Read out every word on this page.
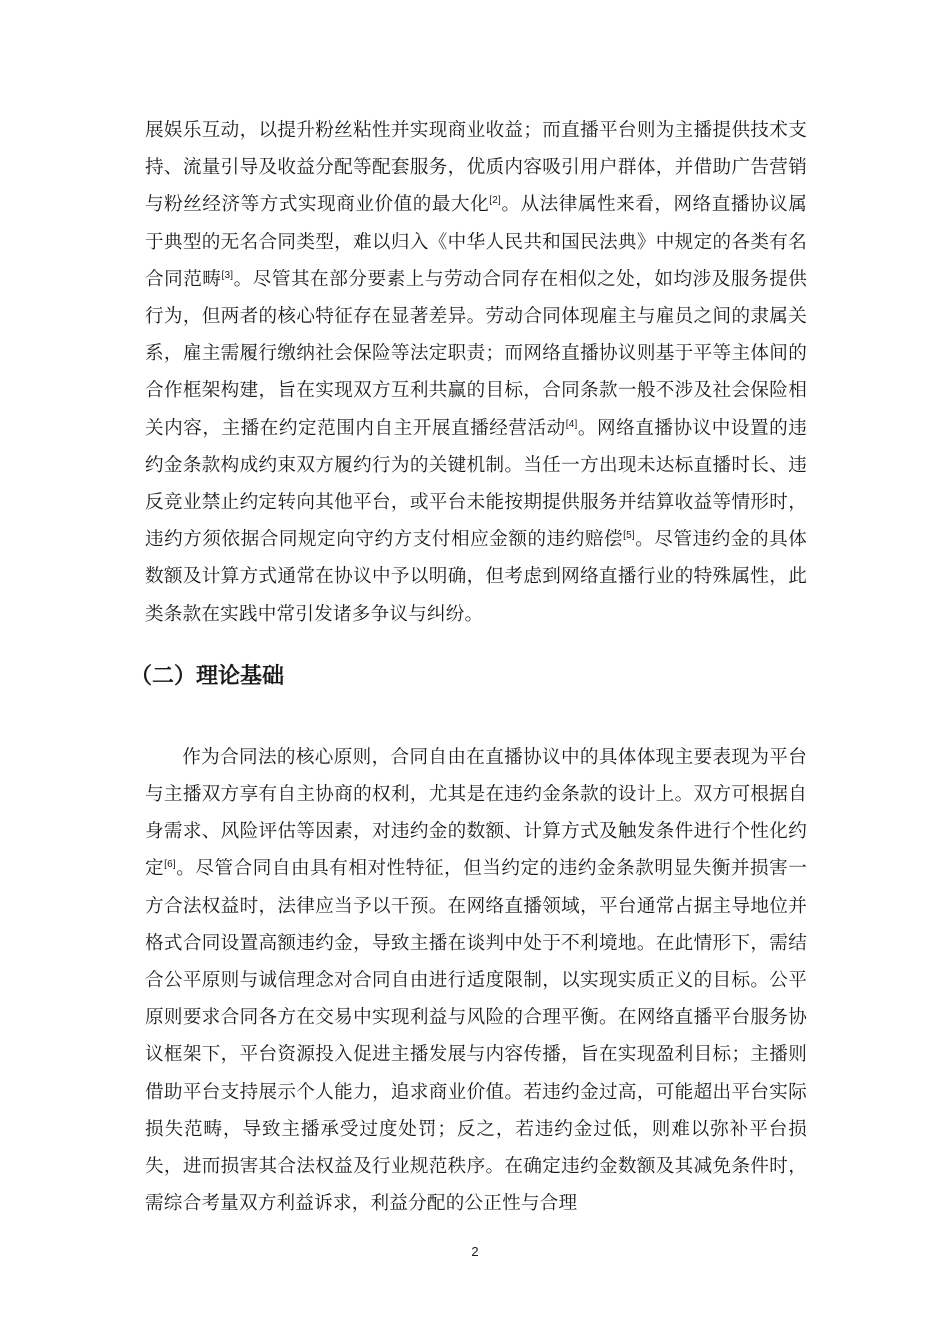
展娱乐互动，以提升粉丝粘性并实现商业收益；而直播平台则为主播提供技术支持、流量引导及收益分配等配套服务，优质内容吸引用户群体，并借助广告营销与粉丝经济等方式实现商业价值的最大化[2]。从法律属性来看，网络直播协议属于典型的无名合同类型，难以归入《中华人民共和国民法典》中规定的各类有名合同范畴[3]。尽管其在部分要素上与劳动合同存在相似之处，如均涉及服务提供行为，但两者的核心特征存在显著差异。劳动合同体现雇主与雇员之间的隶属关系，雇主需履行缴纳社会保险等法定职责；而网络直播协议则基于平等主体间的合作框架构建，旨在实现双方互利共赢的目标，合同条款一般不涉及社会保险相关内容，主播在约定范围内自主开展直播经营活动[4]。网络直播协议中设置的违约金条款构成约束双方履约行为的关键机制。当任一方出现未达标直播时长、违反竞业禁止约定转向其他平台，或平台未能按期提供服务并结算收益等情形时，违约方须依据合同规定向守约方支付相应金额的违约赔偿[5]。尽管违约金的具体数额及计算方式通常在协议中予以明确，但考虑到网络直播行业的特殊属性，此类条款在实践中常引发诸多争议与纠纷。

（二）理论基础

作为合同法的核心原则，合同自由在直播协议中的具体体现主要表现为平台与主播双方享有自主协商的权利，尤其是在违约金条款的设计上。双方可根据自身需求、风险评估等因素，对违约金的数额、计算方式及触发条件进行个性化约定[6]。尽管合同自由具有相对性特征，但当约定的违约金条款明显失衡并损害一方合法权益时，法律应当予以干预。在网络直播领域，平台通常占据主导地位并格式合同设置高额违约金，导致主播在谈判中处于不利境地。在此情形下，需结合公平原则与诚信理念对合同自由进行适度限制，以实现实质正义的目标。公平原则要求合同各方在交易中实现利益与风险的合理平衡。在网络直播平台服务协议框架下，平台资源投入促进主播发展与内容传播，旨在实现盈利目标；主播则借助平台支持展示个人能力，追求商业价值。若违约金过高，可能超出平台实际损失范畴，导致主播承受过度处罚；反之，若违约金过低，则难以弥补平台损失，进而损害其合法权益及行业规范秩序。在确定违约金数额及其减免条件时，需综合考量双方利益诉求，利益分配的公正性与合理

2
